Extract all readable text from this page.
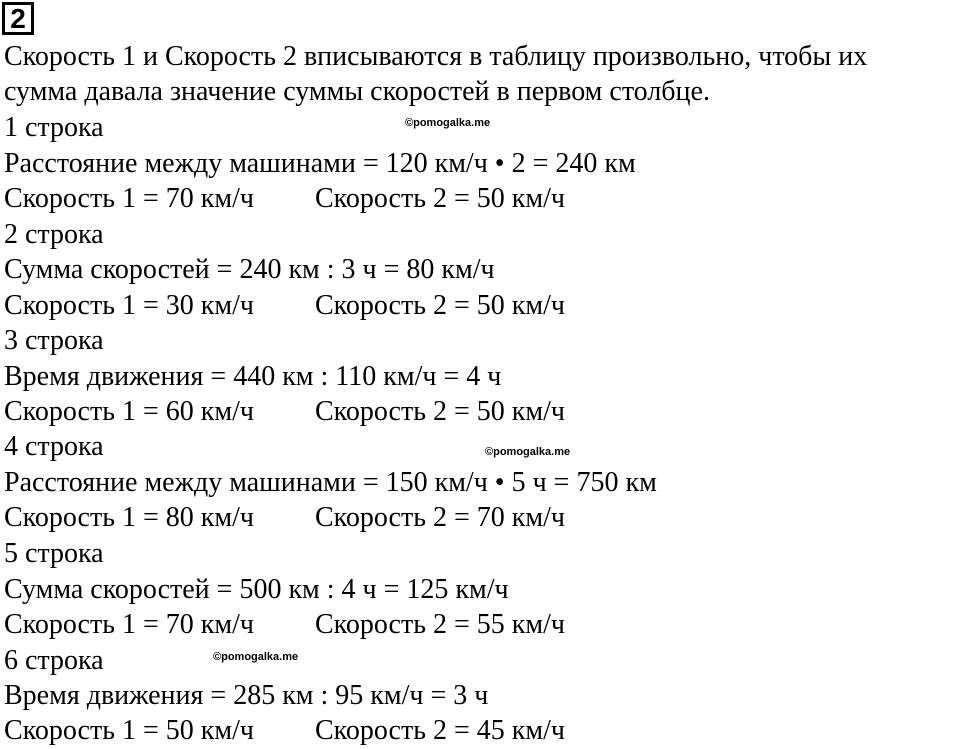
2
Скорость 1 и Скорость 2 вписываются в таблицу произвольно, чтобы их
сумма давала значение суммы скоростей в первом столбце.
1 строка
Расстояние между машинами = 120 км/ч • 2 = 240 км
Скорость 1 = 70 км/ч Скорость 2 = 50 км/ч
2 строка
Сумма скоростей = 240 км : 3 ч = 80 км/ч
Скорость 1 = 30 км/ч Скорость 2 = 50 км/ч
3 строка
Время движения = 440 км : 110 км/ч = 4 ч
Скорость 1 = 60 км/ч Скорость 2 = 50 км/ч
4 строка
Расстояние между машинами = 150 км/ч • 5 ч = 750 км
Скорость 1 = 80 км/ч Скорость 2 = 70 км/ч
5 строка
Сумма скоростей = 500 км : 4 ч = 125 км/ч
Скорость 1 = 70 км/ч Скорость 2 = 55 км/ч
6 строка
Время движения = 285 км : 95 км/ч = 3 ч
Скорость 1 = 50 км/ч Скорость 2 = 45 км/ч
©pomogalka.me
©pomogalka.me
©pomogalka.me
